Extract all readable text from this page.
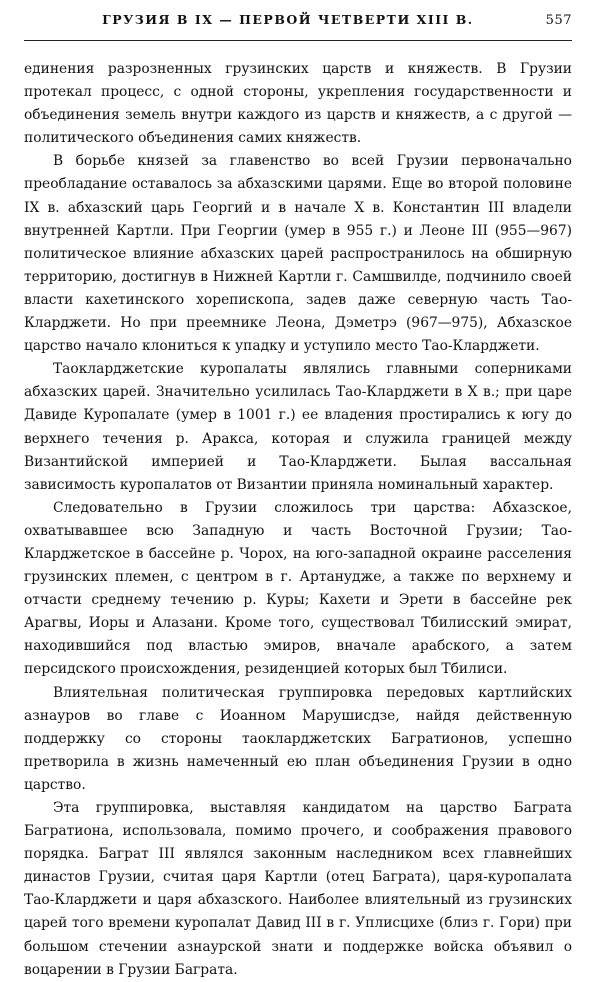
ГРУЗИЯ В IX — ПЕРВОЙ ЧЕТВЕРТИ XIII В.	557

единения разрозненных грузинских царств и княжеств. В Грузии протекал процесс, с одной стороны, укрепления государственности и объединения земель внутри каждого из царств и княжеств, а с другой — политического объединения самих княжеств.

В борьбе князей за главенство во всей Грузии первоначально преобладание оставалось за абхазскими царями. Еще во второй половине IX в. абхазский царь Георгий и в начале X в. Константин III владели внутренней Картли. При Георгии (умер в 955 г.) и Леоне III (955—967) политическое влияние абхазских царей распространилось на обширную территорию, достигнув в Нижней Картли г. Самшвилде, подчинило своей власти кахетинского хорепископа, задев даже северную часть Тао-Кларджети. Но при преемнике Леона, Дэметрэ (967—975), Абхазское царство начало клониться к упадку и уступило место Тао-Кларджети.

Таокларджетские куропалаты являлись главными соперниками абхазских царей. Значительно усилилась Тао-Кларджети в X в.; при царе Давиде Куропалате (умер в 1001 г.) ее владения простирались к югу до верхнего течения р. Аракса, которая и служила границей между Византийской империей и Тао-Кларджети. Былая вассальная зависимость куропалатов от Византии приняла номинальный характер.

Следовательно в Грузии сложилось три царства: Абхазское, охватывавшее всю Западную и часть Восточной Грузии; Тао-Кларджетское в бассейне р. Чорох, на юго-западной окраине расселения грузинских племен, с центром в г. Артануджe, а также по верхнему и отчасти среднему течению р. Куры; Кахети и Эрети в бассейне рек Арагвы, Иоры и Алазани. Кроме того, существовал Тбилисский эмират, находившийся под властью эмиров, вначале арабского, а затем персидского происхождения, резиденцией которых был Тбилиси.

Влиятельная политическая группировка передовых картлийских азнауров во главе с Иоанном Марушисдзе, найдя действенную поддержку со стороны таокларджетских Багратионов, успешно претворила в жизнь намеченный ею план объединения Грузии в одно царство.

Эта группировка, выставляя кандидатом на царство Баграта Багратиона, использовала, помимо прочего, и соображения правового порядка. Баграт III являлся законным наследником всех главнейших династов Грузии, считая царя Картли (отец Баграта), царя-куропалата Тао-Кларджети и царя абхазского. Наиболее влиятельный из грузинских царей того времени куропалат Давид III в г. Уплисцихе (близ г. Гори) при большом стечении азнаурской знати и поддержке войска объявил о воцарении в Грузии Баграта.
